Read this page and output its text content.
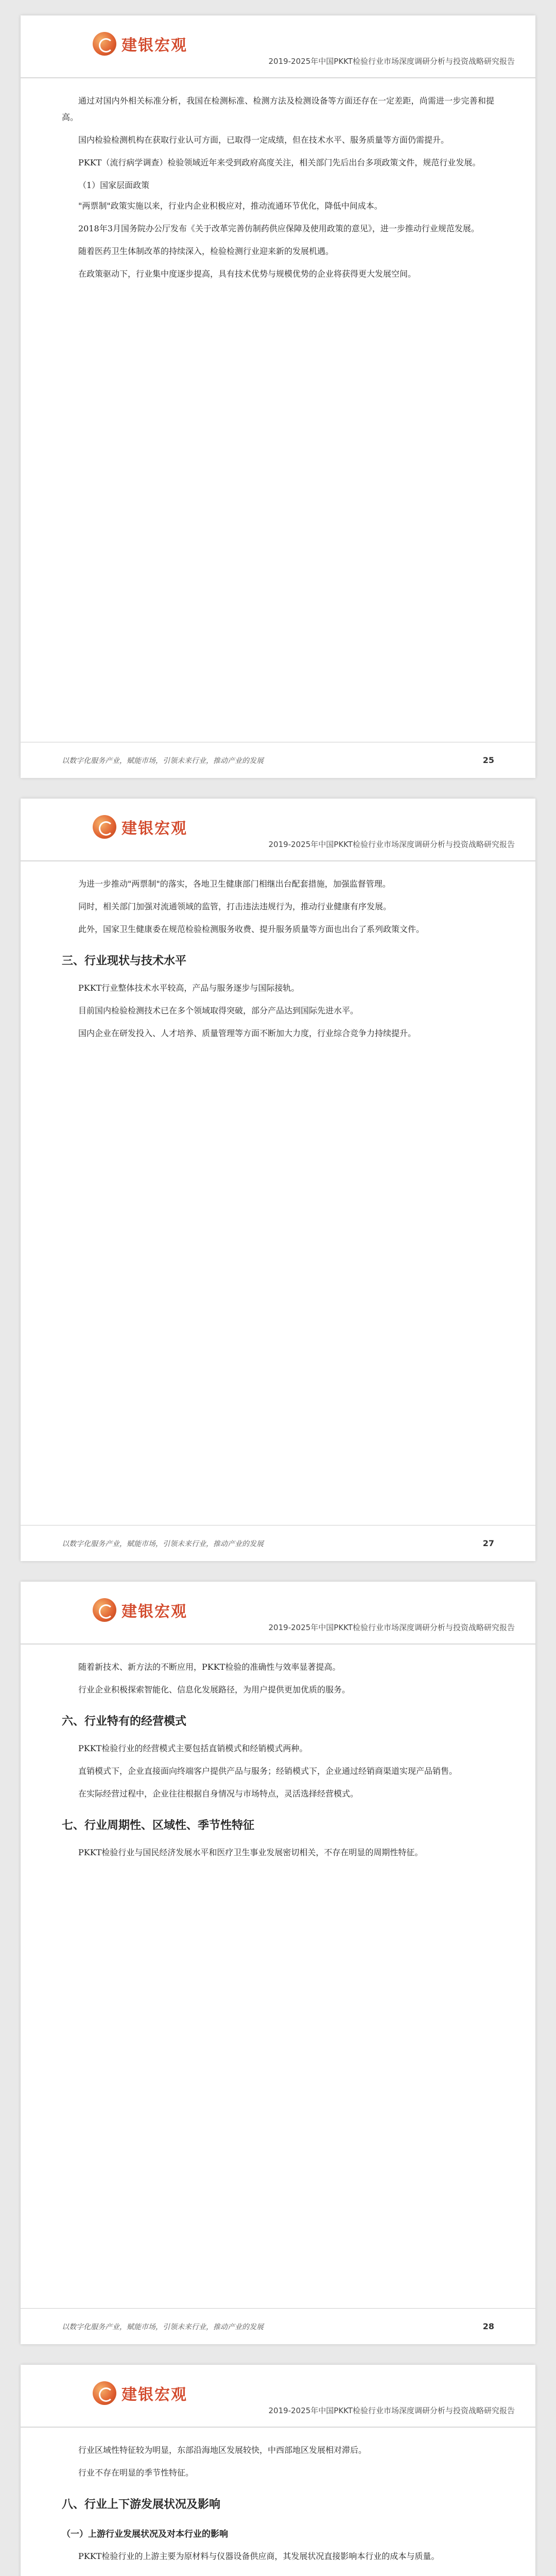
建银宏观
2019-2025年中国PKKT检验行业市场深度调研分析与投资战略研究报告

通过对国内外相关标准分析，我国在检测标准、检测方法及检测设备等方面还存在一定差距，尚需进一步完善和提高。

国内检验检测机构在获取行业认可方面，已取得一定成绩，但在技术水平、服务质量等方面仍需提升。

PKKT（流行病学调查）检验领域近年来受到政府高度关注，相关部门先后出台多项政策文件，规范行业发展。

（1）国家层面政策

"两票制"政策实施以来，行业内企业积极应对，推动流通环节优化，降低中间成本。

2018年3月国务院办公厅发布《关于改革完善仿制药供应保障及使用政策的意见》，进一步推动行业规范发展。

随着医药卫生体制改革的持续深入，检验检测行业迎来新的发展机遇。

在政策驱动下，行业集中度逐步提高，具有技术优势与规模优势的企业将获得更大发展空间。

以数字化服务产业，赋能市场，引领未来行业，推动产业的发展	25
建银宏观
2019-2025年中国PKKT检验行业市场深度调研分析与投资战略研究报告

为进一步推动"两票制"的落实，各地卫生健康部门相继出台配套措施，加强监督管理。

同时，相关部门加强对流通领域的监管，打击违法违规行为，推动行业健康有序发展。

此外，国家卫生健康委在规范检验检测服务收费、提升服务质量等方面也出台了系列政策文件。

三、行业现状与技术水平

PKKT行业整体技术水平较高，产品与服务逐步与国际接轨。

目前国内检验检测技术已在多个领域取得突破，部分产品达到国际先进水平。

国内企业在研发投入、人才培养、质量管理等方面不断加大力度，行业综合竞争力持续提升。

以数字化服务产业，赋能市场，引领未来行业，推动产业的发展	27
建银宏观
2019-2025年中国PKKT检验行业市场深度调研分析与投资战略研究报告

随着新技术、新方法的不断应用，PKKT检验的准确性与效率显著提高。

行业企业积极探索智能化、信息化发展路径，为用户提供更加优质的服务。

六、行业特有的经营模式

PKKT检验行业的经营模式主要包括直销模式和经销模式两种。

直销模式下，企业直接面向终端客户提供产品与服务；经销模式下，企业通过经销商渠道实现产品销售。

在实际经营过程中，企业往往根据自身情况与市场特点，灵活选择经营模式。

七、行业周期性、区域性、季节性特征

PKKT检验行业与国民经济发展水平和医疗卫生事业发展密切相关，不存在明显的周期性特征。

以数字化服务产业，赋能市场，引领未来行业，推动产业的发展	28
建银宏观
2019-2025年中国PKKT检验行业市场深度调研分析与投资战略研究报告

行业区域性特征较为明显，东部沿海地区发展较快，中西部地区发展相对滞后。

行业不存在明显的季节性特征。

八、行业上下游发展状况及影响
（一）上游行业发展状况及对本行业的影响

PKKT检验行业的上游主要为原材料与仪器设备供应商，其发展状况直接影响本行业的成本与质量。
